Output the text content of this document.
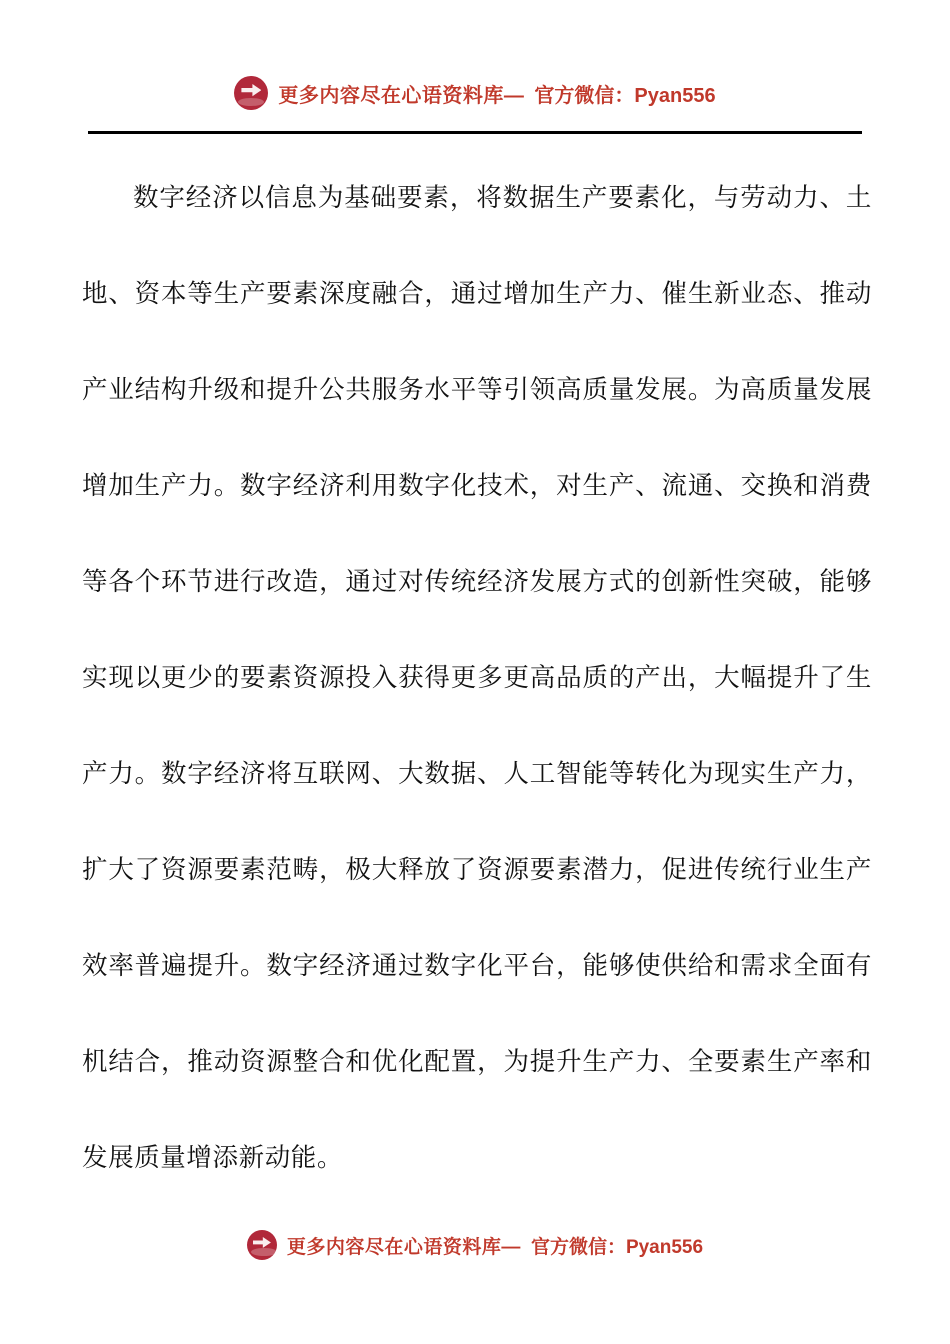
更多内容尽在心语资料库— 官方微信：Pyan556
数字经济以信息为基础要素，将数据生产要素化，与劳动力、土地、资本等生产要素深度融合，通过增加生产力、催生新业态、推动产业结构升级和提升公共服务水平等引领高质量发展。为高质量发展增加生产力。数字经济利用数字化技术，对生产、流通、交换和消费等各个环节进行改造，通过对传统经济发展方式的创新性突破，能够实现以更少的要素资源投入获得更多更高品质的产出，大幅提升了生产力。数字经济将互联网、大数据、人工智能等转化为现实生产力，扩大了资源要素范畴，极大释放了资源要素潜力，促进传统行业生产效率普遍提升。数字经济通过数字化平台，能够使供给和需求全面有机结合，推动资源整合和优化配置，为提升生产力、全要素生产率和发展质量增添新动能。
更多内容尽在心语资料库— 官方微信：Pyan556
